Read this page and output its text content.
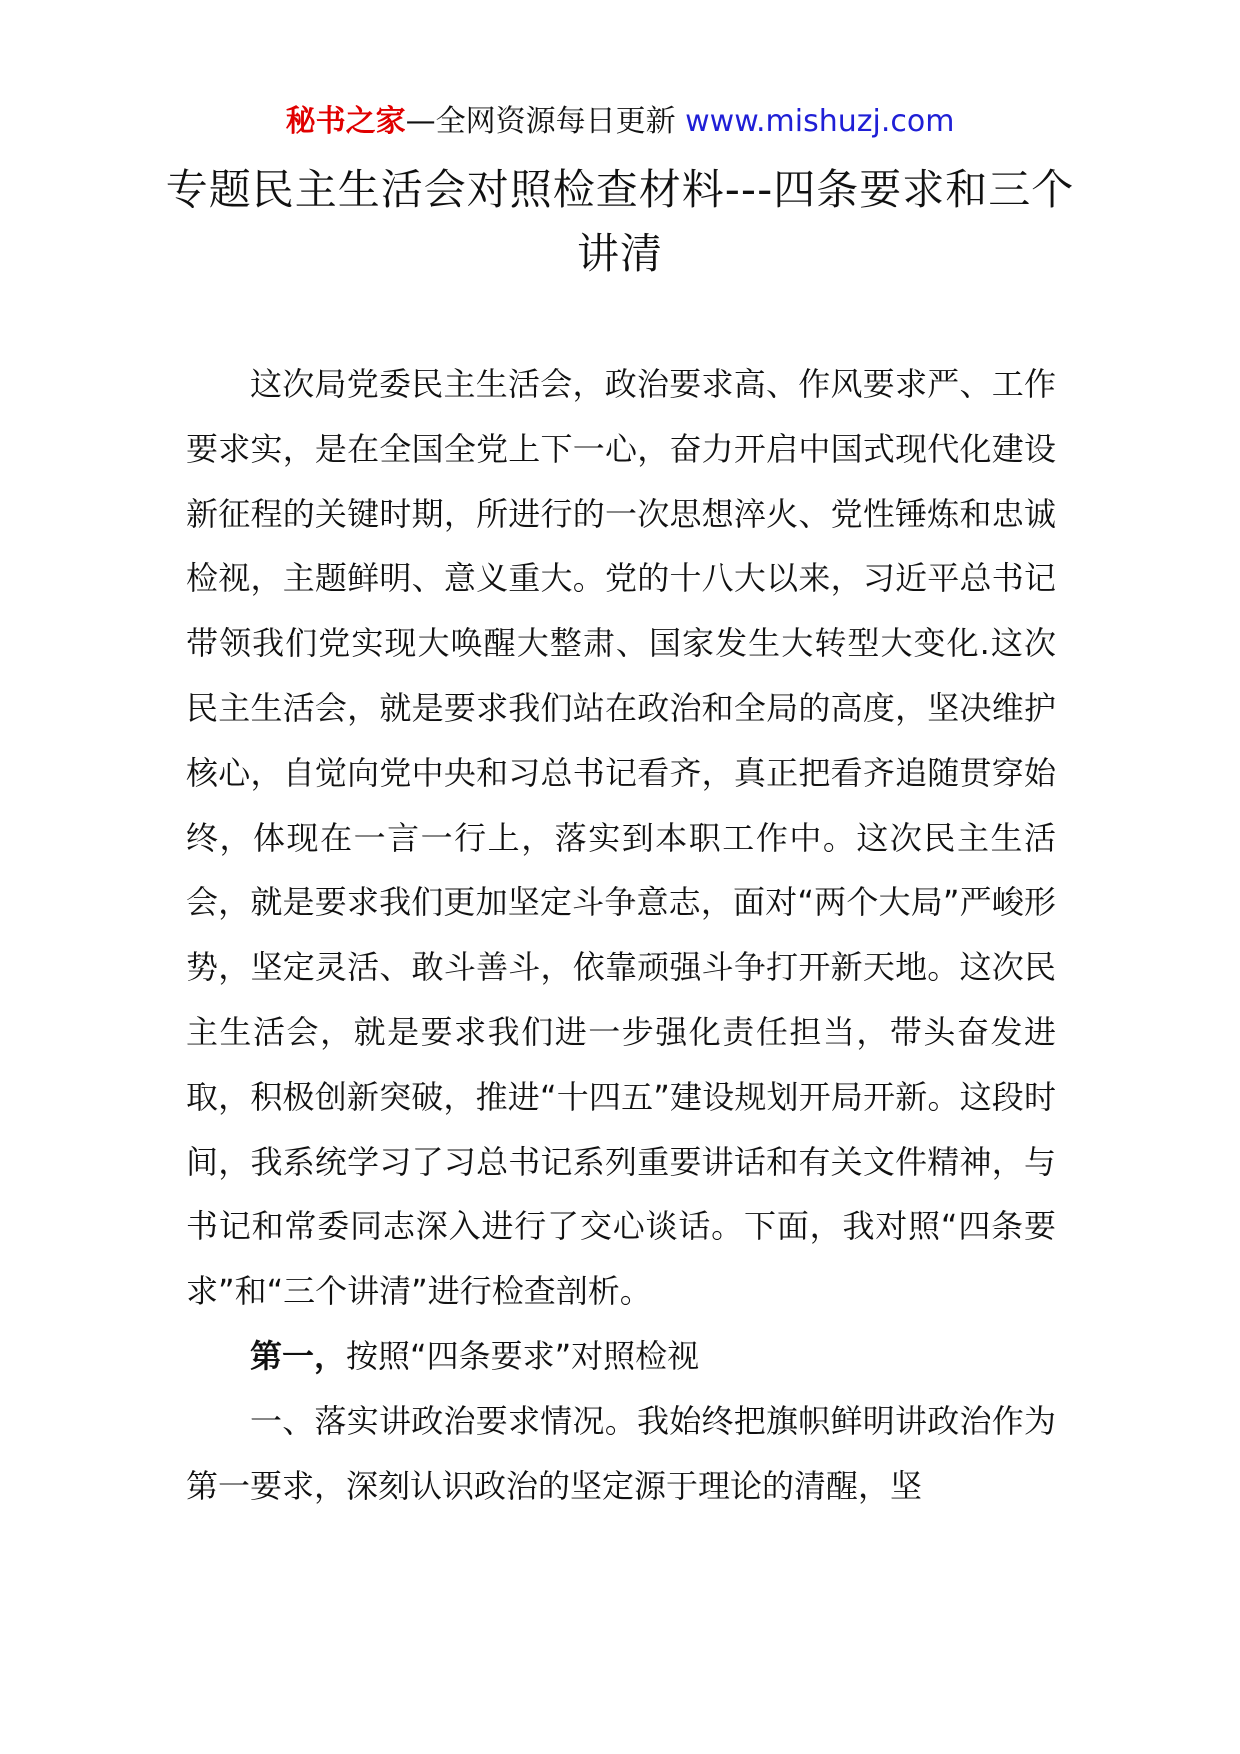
秘书之家—全网资源每日更新 www.mishuzj.com
专题民主生活会对照检查材料---四条要求和三个讲清

这次局党委民主生活会，政治要求高、作风要求严、工作要求实，是在全国全党上下一心，奋力开启中国式现代化建设新征程的关键时期，所进行的一次思想淬火、党性锤炼和忠诚检视，主题鲜明、意义重大。党的十八大以来，习近平总书记带领我们党实现大唤醒大整肃、国家发生大转型大变化.这次民主生活会，就是要求我们站在政治和全局的高度，坚决维护核心，自觉向党中央和习总书记看齐，真正把看齐追随贯穿始终，体现在一言一行上，落实到本职工作中。这次民主生活会，就是要求我们更加坚定斗争意志，面对“两个大局”严峻形势，坚定灵活、敢斗善斗，依靠顽强斗争打开新天地。这次民主生活会，就是要求我们进一步强化责任担当，带头奋发进取，积极创新突破，推进“十四五”建设规划开局开新。这段时间，我系统学习了习总书记系列重要讲话和有关文件精神，与书记和常委同志深入进行了交心谈话。下面，我对照“四条要求”和“三个讲清”进行检查剖析。

第一，按照“四条要求”对照检视

一、落实讲政治要求情况。我始终把旗帜鲜明讲政治作为第一要求，深刻认识政治的坚定源于理论的清醒，坚
